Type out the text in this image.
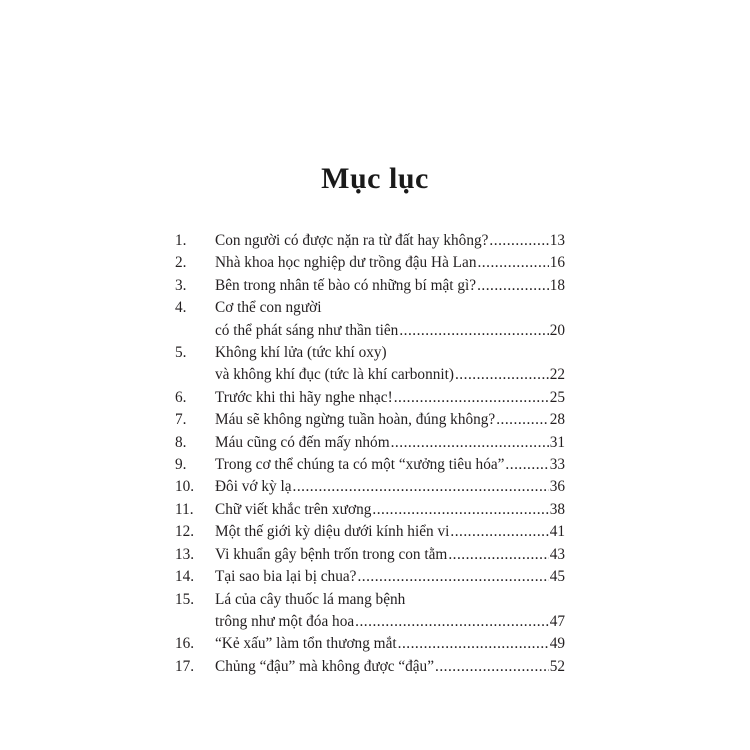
Mục lục
1.	Con người có được nặn ra từ đất hay không? .....	13
2.	Nhà khoa học nghiệp dư trồng đậu Hà Lan .....	16
3.	Bên trong nhân tế bào có những bí mật gì? .....	18
4.	Cơ thể con người
có thể phát sáng như thần tiên .....	20
5.	Không khí lửa (tức khí oxy)
và không khí đục (tức là khí carbonnit) .....	22
6.	Trước khi thi hãy nghe nhạc! .....	25
7.	Máu sẽ không ngừng tuần hoàn, đúng không? .....	28
8.	Máu cũng có đến mấy nhóm .....	31
9.	Trong cơ thể chúng ta có một “xưởng tiêu hóa” .....	33
10.	Đôi vớ kỳ lạ .....	36
11.	Chữ viết khắc trên xương .....	38
12.	Một thế giới kỳ diệu dưới kính hiển vi .....	41
13.	Vi khuẩn gây bệnh trốn trong con tằm .....	43
14.	Tại sao bia lại bị chua? .....	45
15.	Lá của cây thuốc lá mang bệnh
trông như một đóa hoa .....	47
16.	“Kẻ xấu” làm tổn thương mắt .....	49
17.	Chủng “đậu” mà không được “đậu” .....	52
